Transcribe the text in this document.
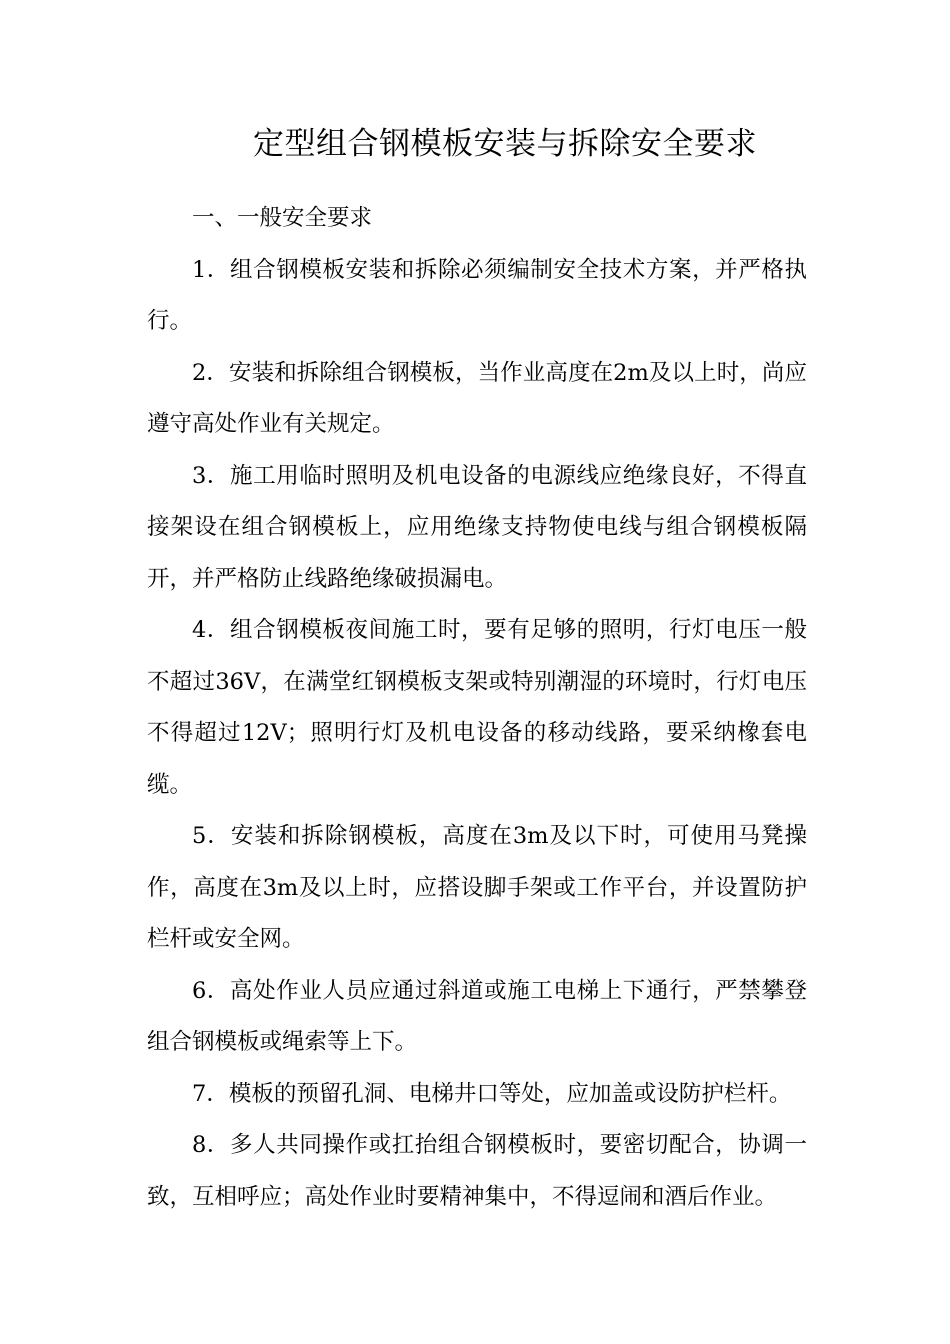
定型组合钢模板安装与拆除安全要求

一、一般安全要求

1．组合钢模板安装和拆除必须编制安全技术方案，并严格执行。

2．安装和拆除组合钢模板，当作业高度在2m及以上时，尚应遵守高处作业有关规定。

3．施工用临时照明及机电设备的电源线应绝缘良好，不得直接架设在组合钢模板上，应用绝缘支持物使电线与组合钢模板隔开，并严格防止线路绝缘破损漏电。

4．组合钢模板夜间施工时，要有足够的照明，行灯电压一般不超过36V，在满堂红钢模板支架或特别潮湿的环境时，行灯电压不得超过12V；照明行灯及机电设备的移动线路，要采纳橡套电缆。

5．安装和拆除钢模板，高度在3m及以下时，可使用马凳操作，高度在3m及以上时，应搭设脚手架或工作平台，并设置防护栏杆或安全网。

6．高处作业人员应通过斜道或施工电梯上下通行，严禁攀登组合钢模板或绳索等上下。

7．模板的预留孔洞、电梯井口等处，应加盖或设防护栏杆。

8．多人共同操作或扛抬组合钢模板时，要密切配合，协调一致，互相呼应；高处作业时要精神集中，不得逗闹和酒后作业。
